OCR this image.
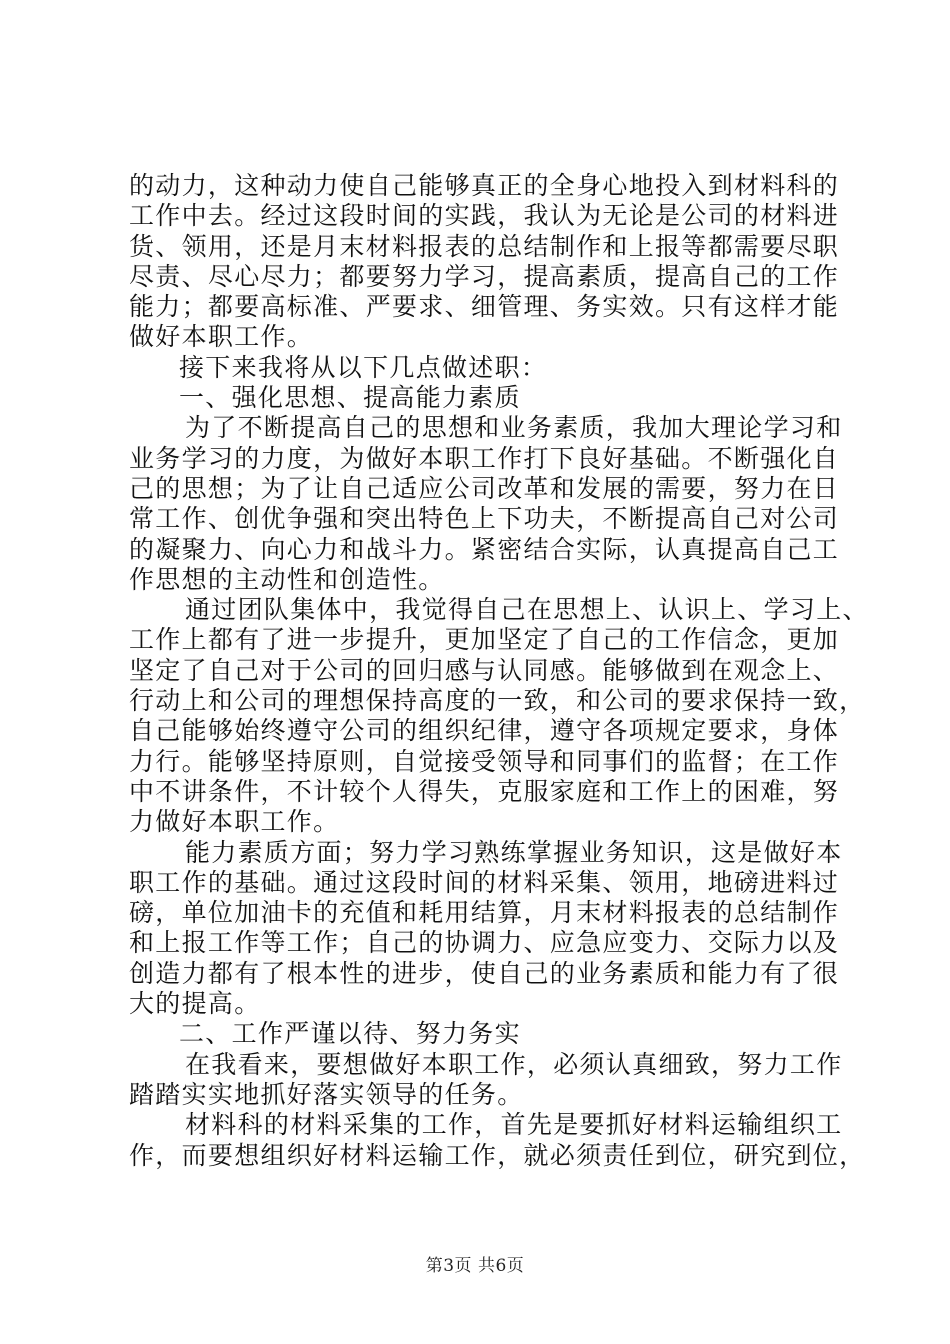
的动力，这种动力使自己能够真正的全身心地投入到材料科的
工作中去。经过这段时间的实践，我认为无论是公司的材料进
货、领用，还是月末材料报表的总结制作和上报等都需要尽职
尽责、尽心尽力；都要努力学习，提高素质，提高自己的工作
能力；都要高标准、严要求、细管理、务实效。只有这样才能
做好本职工作。
接下来我将从以下几点做述职：
一、强化思想、提高能力素质
为了不断提高自己的思想和业务素质，我加大理论学习和
业务学习的力度，为做好本职工作打下良好基础。不断强化自
己的思想；为了让自己适应公司改革和发展的需要，努力在日
常工作、创优争强和突出特色上下功夫，不断提高自己对公司
的凝聚力、向心力和战斗力。紧密结合实际，认真提高自己工
作思想的主动性和创造性。
通过团队集体中，我觉得自己在思想上、认识上、学习上、
工作上都有了进一步提升，更加坚定了自己的工作信念，更加
坚定了自己对于公司的回归感与认同感。能够做到在观念上、
行动上和公司的理想保持高度的一致，和公司的要求保持一致，
自己能够始终遵守公司的组织纪律，遵守各项规定要求，身体
力行。能够坚持原则，自觉接受领导和同事们的监督；在工作
中不讲条件，不计较个人得失，克服家庭和工作上的困难，努
力做好本职工作。
能力素质方面；努力学习熟练掌握业务知识，这是做好本
职工作的基础。通过这段时间的材料采集、领用，地磅进料过
磅，单位加油卡的充值和耗用结算，月末材料报表的总结制作
和上报工作等工作；自己的协调力、应急应变力、交际力以及
创造力都有了根本性的进步，使自己的业务素质和能力有了很
大的提高。
二、工作严谨以待、努力务实
在我看来，要想做好本职工作，必须认真细致，努力工作
踏踏实实地抓好落实领导的任务。
材料科的材料采集的工作，首先是要抓好材料运输组织工
作，而要想组织好材料运输工作，就必须责任到位，研究到位，
第3页 共6页
